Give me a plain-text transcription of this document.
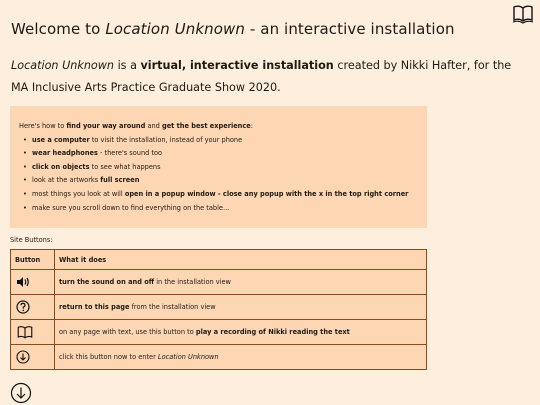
Welcome to Location Unknown - an interactive installation
Location Unknown is a virtual, interactive installation created by Nikki Hafter, for the MA Inclusive Arts Practice Graduate Show 2020.

Here's how to find your way around and get the best experience:

• use a computer to visit the installation, instead of your phone
• wear headphones - there's sound too
• click on objects to see what happens
• look at the artworks full screen
• most things you look at will open in a popup window - close any popup with the x in the top right corner
• make sure you scroll down to find everything on the table...
Site Buttons:
Button	What it does

	turn the sound on and off in the installation view

	return to this page from the installation view

	on any page with text, use this button to play a recording of Nikki reading the text

	click this button now to enter Location Unknown
